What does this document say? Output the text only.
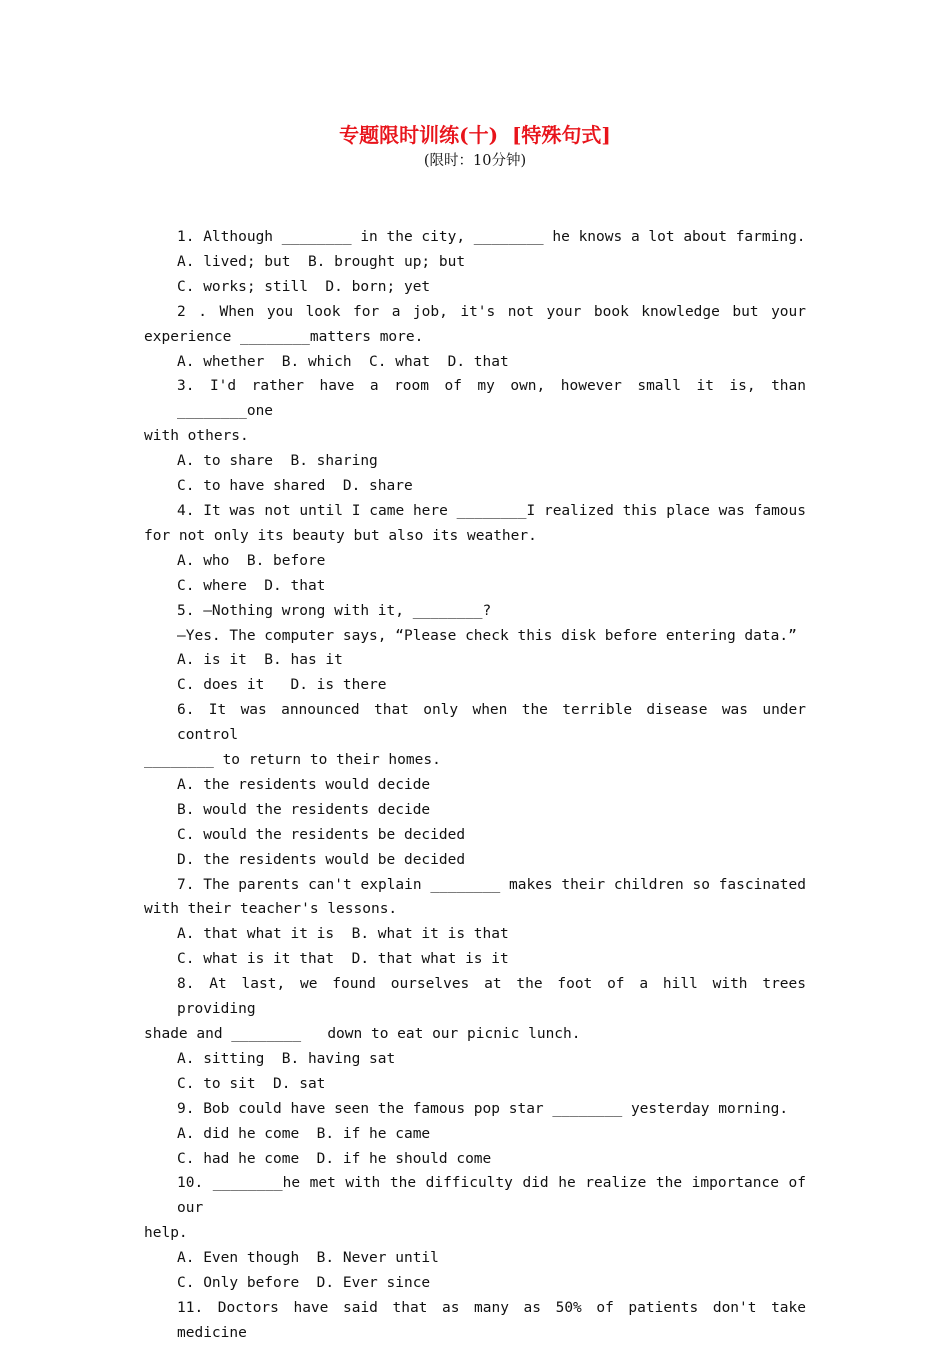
专题限时训练(十)  [特殊句式]
(限时：10分钟)

1. Although ________ in the city, ________ he knows a lot about farming.

A. lived; but  B. brought up; but

C. works; still  D. born; yet

2 . When you look for a job, it's not your book knowledge but your

experience ________matters more.

A. whether  B. which  C. what  D. that

3. I'd rather have a room of my own, however small it is, than ________one

with others.

A. to share  B. sharing

C. to have shared  D. share

4. It was not until I came here ________I realized this place was famous

for not only its beauty but also its weather.

A. who  B. before

C. where  D. that

5. —Nothing wrong with it, ________?

—Yes. The computer says, “Please check this disk before entering data.”

A. is it  B. has it

C. does it   D. is there

6. It was announced that only when the terrible disease was under control

________ to return to their homes.

A. the residents would decide

B. would the residents decide

C. would the residents be decided

D. the residents would be decided

7. The parents can't explain ________ makes their children so fascinated

with their teacher's lessons.

A. that what it is  B. what it is that

C. what is it that  D. that what is it

8. At last, we found ourselves at the foot of a hill with trees providing

shade and ________   down to eat our picnic lunch.

A. sitting  B. having sat

C. to sit  D. sat

9. Bob could have seen the famous pop star ________ yesterday morning.

A. did he come  B. if he came

C. had he come  D. if he should come

10. ________he met with the difficulty did he realize the importance of our

help.

A. Even though  B. Never until

C. Only before  D. Ever since

11. Doctors have said that as many as 50% of patients don't take medicine
